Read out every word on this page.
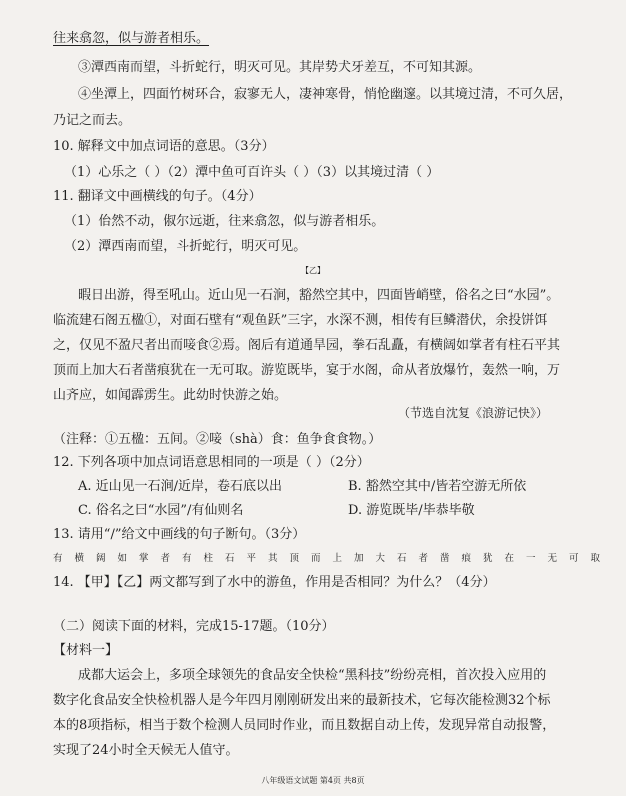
往来翕忽，似与游者相乐。
③潭西南而望，斗折蛇行，明灭可见。其岸势犬牙差互，不可知其源。
④坐潭上，四面竹树环合，寂寥无人，凄神寒骨，悄怆幽邃。以其境过清，不可久居，
乃记之而去。
10. 解释文中加点词语的意思。（3分）
（1）心乐之（ ）（2）潭中鱼可百许头（ ）（3）以其境过清（ ）
11. 翻译文中画横线的句子。（4分）
（1）佁然不动，俶尔远逝，往来翕忽，似与游者相乐。
（2）潭西南而望，斗折蛇行，明灭可见。
【乙】
暇日出游，得至吼山。近山见一石涧，豁然空其中，四面皆峭壁，俗名之曰“水园”。
临流建石阁五楹①，对面石壁有“观鱼跃”三字，水深不测，相传有巨鳞潜伏，余投饼饵
之，仅见不盈尺者出而唼食②焉。阁后有道通旱园，拳石乱矗，有横阔如掌者有柱石平其
顶而上加大石者凿痕犹在一无可取。游览既毕，宴于水阁，命从者放爆竹，轰然一响，万
山齐应，如闻霹雳生。此幼时快游之始。
（节选自沈复《浪游记快》）
（注释：①五楹：五间。②唼（shà）食：鱼争食食物。）
12. 下列各项中加点词语意思相同的一项是（ ）（2分）
A. 近山见一石涧/近岸，卷石底以出	B. 豁然空其中/皆若空游无所依
C. 俗名之曰“水园”/有仙则名	D. 游览既毕/毕恭毕敬
13. 请用“/”给文中画线的句子断句。（3分）
有横阔如掌者有柱石平其顶而上加大石者凿痕犹在一无可取
14. 【甲】【乙】两文都写到了水中的游鱼，作用是否相同？为什么？（4分）
（二）阅读下面的材料，完成15-17题。（10分）
【材料一】
成都大运会上，多项全球领先的食品安全快检“黑科技”纷纷亮相，首次投入应用的
数字化食品安全快检机器人是今年四月刚刚研发出来的最新技术，它每次能检测32个标
本的8项指标，相当于数个检测人员同时作业，而且数据自动上传，发现异常自动报警，
实现了24小时全天候无人值守。
八年级语文试题 第4页 共8页
